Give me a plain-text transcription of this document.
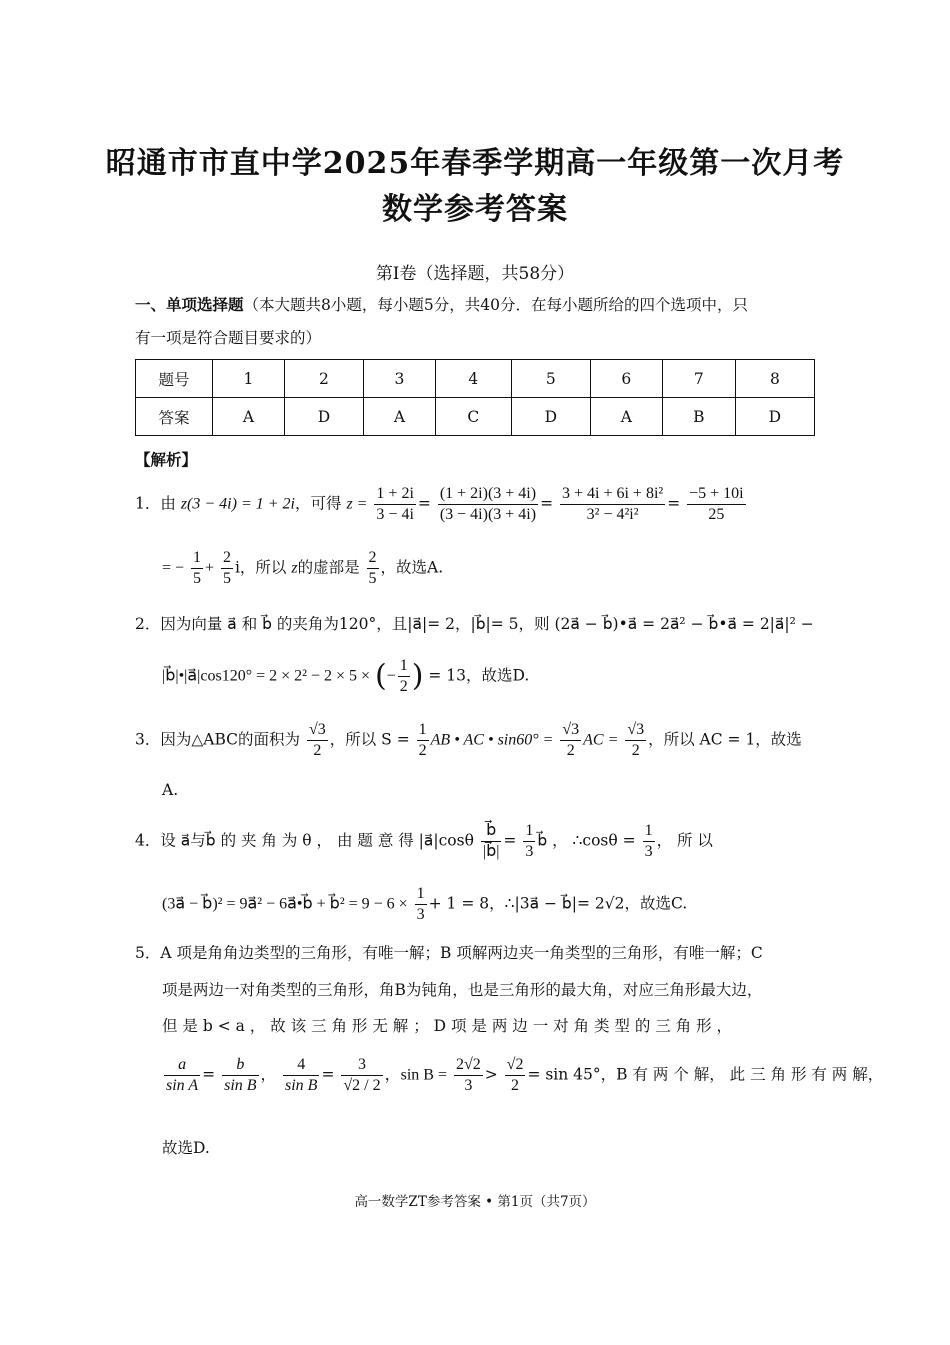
昭通市市直中学2025年春季学期高一年级第一次月考
数学参考答案
第Ⅰ卷（选择题，共58分）
一、单项选择题（本大题共8小题，每小题5分，共40分．在每小题所给的四个选项中，只
有一项是符合题目要求的）
题号	1	2	3	4	5	6	7	8
答案	A	D	A	C	D	A	B	D
【解析】
1．由 z(3 − 4i) = 1 + 2i，可得 $z = \frac{1 + 2i}{3 - 4i} = \frac{(1 + 2i)(3 + 4i)}{(3 - 4i)(3 + 4i)} = \frac{\text{3 + 4i + 6i + 8i²}}{\text{3² − 4²i²}} = \frac{-5 + 10i}{25}$
= − $\frac{1}{5} + \frac{2}{5}$ i，所以 z的虚部是 $\frac{2}{5}$ ，故选A.
2．因为向量 a⃗ 和 b⃗ 的夹角为120°，且|a⃗|= 2，|b⃗|= 5，则 (2a⃗ − b⃗)•a⃗ = 2a⃗² − b⃗•a⃗ = 2|a⃗|² −
|b⃗|•|a⃗|cos120° = 2 × 2² − 2 × 5 × (− $\frac{1}{2}$ ) = 13，故选D.
3．因为△ABC的面积为 $\frac{√3}{2}$ ，所以 $S = \frac{1}{2}$ AB • AC • $\sin 60^\circ = \frac{√3}{2}$ AC = $\frac{√3}{2}$ ，所以 AC = 1，故选
A.
4．设 a⃗与b⃗ 的 夹 角 为 θ ， 由 题 意 得 |a⃗|cosθ $\frac{b⃗}{|b⃗|} = \frac{1}{3}$ b⃗ ， ∴cosθ = $\frac{1}{3}$ ， 所 以
(3a⃗ − b⃗)² = 9a⃗² − 6a⃗•b⃗ + b⃗² = $9 - 6 \times \frac{1}{3} + 1 = 8$，∴|3a⃗ − b⃗|= 2√2，故选C.
5．A 项是角角边类型的三角形，有唯一解；B 项解两边夹一角类型的三角形，有唯一解；C
项是两边一对角类型的三角形，角B为钝角，也是三角形的最大角，对应三角形最大边，
但 是 b < a ， 故 该 三 角 形 无 解 ； D 项 是 两 边 一 对 角 类 型 的 三 角 形 ，
$\frac{a}{\text{sin A}} = \frac{b}{\text{sin B}}$ ， $\frac{4}{\text{sin B}} = \frac{3}{√2 / 2}$ ，$\sin B = \frac{2√2}{3} > \frac{√2}{2} = \sin 45^\circ$，B 有 两 个 解， 此 三 角 形 有 两 解，
故选D.
高一数学ZT参考答案 • 第1页（共7页）
